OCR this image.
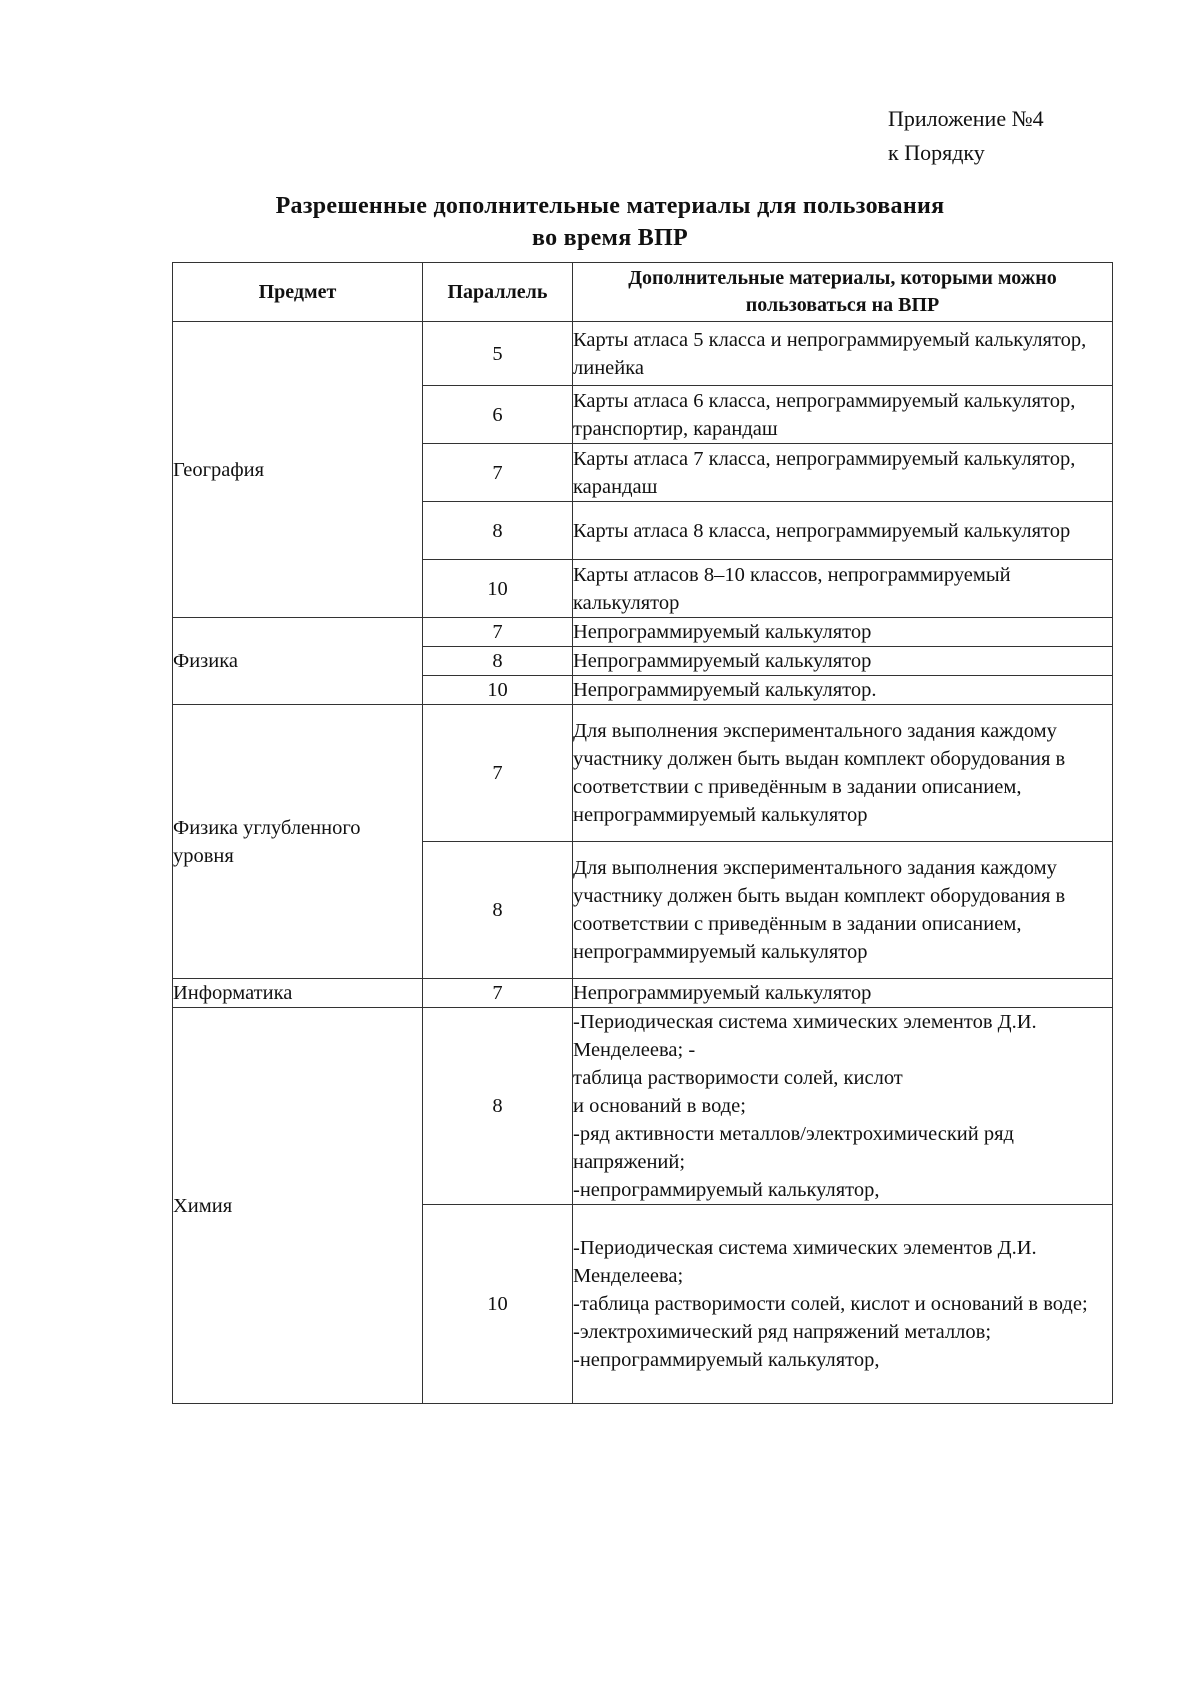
Приложение №4
к Порядку
Разрешенные дополнительные материалы для пользования
во время ВПР
Предмет	Параллель	Дополнительные материалы, которыми можно пользоваться на ВПР
География	5	Карты атласа 5 класса и непрограммируемый калькулятор, линейка
	6	Карты атласа 6 класса, непрограммируемый калькулятор, транспортир, карандаш
	7	Карты атласа 7 класса, непрограммируемый калькулятор, карандаш
	8	Карты атласа 8 класса, непрограммируемый калькулятор
	10	Карты атласов 8–10 классов, непрограммируемый калькулятор
Физика	7	Непрограммируемый калькулятор
	8	Непрограммируемый калькулятор
	10	Непрограммируемый калькулятор.
Физика углубленного уровня	7	Для выполнения экспериментального задания каждому участнику должен быть выдан комплект оборудования в соответствии с приведённым в задании описанием, непрограммируемый калькулятор
	8	Для выполнения экспериментального задания каждому участнику должен быть выдан комплект оборудования в соответствии с приведённым в задании описанием, непрограммируемый калькулятор
Информатика	7	Непрограммируемый калькулятор
Химия	8	-Периодическая система химических элементов Д.И. Менделеева; -
таблица растворимости солей, кислот
и оснований в воде;
-ряд активности металлов/электрохимический ряд напряжений;
-непрограммируемый калькулятор,
	10	-Периодическая система химических элементов Д.И. Менделеева;
-таблица растворимости солей, кислот и оснований в воде;
-электрохимический ряд напряжений металлов;
-непрограммируемый калькулятор,
